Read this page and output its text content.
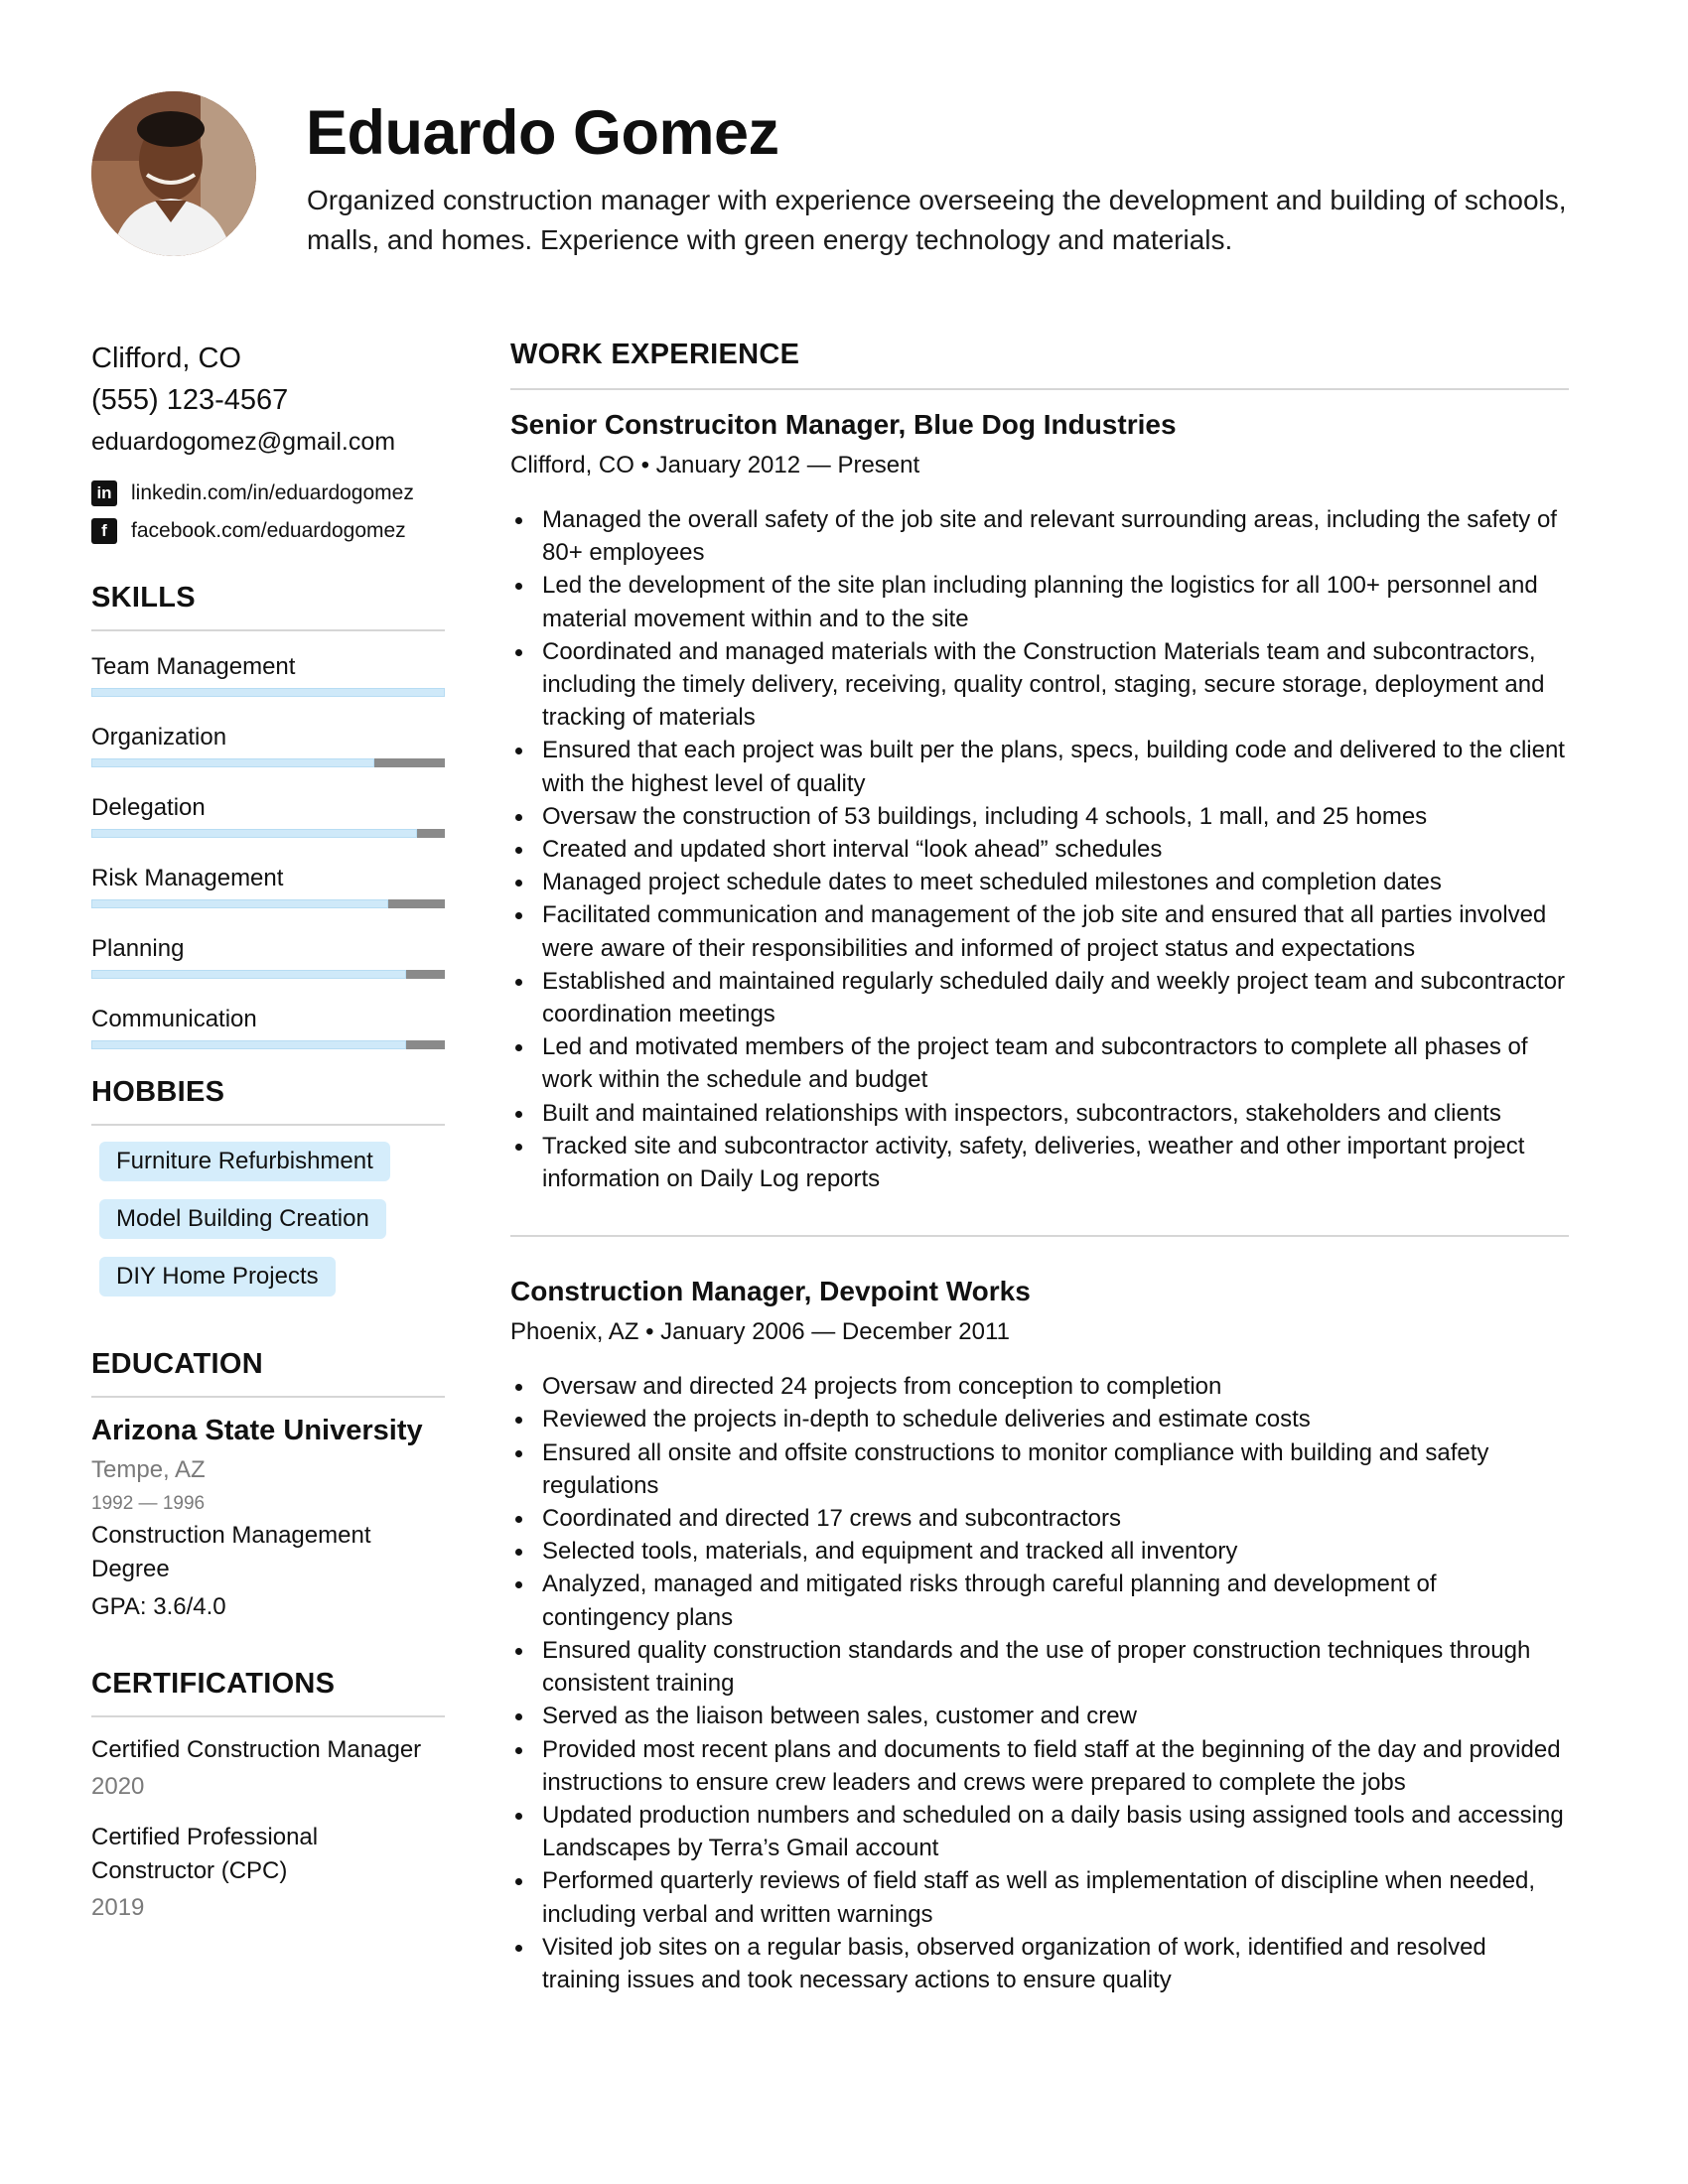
Eduardo Gomez
Organized construction manager with experience overseeing the development and building of schools, malls, and homes. Experience with green energy technology and materials.
Clifford, CO
(555) 123-4567
eduardogomez@gmail.com
in linkedin.com/in/eduardogomez
f	facebook.com/eduardogomez
SKILLS
Team Management
Organization
Delegation
Risk Management
Planning
Communication
HOBBIES
Furniture Refurbishment
Model Building Creation
DIY Home Projects
EDUCATION
Arizona State University
Tempe, AZ
1992 — 1996
Construction Management Degree
GPA: 3.6/4.0
CERTIFICATIONS
Certified Construction Manager
2020
Certified Professional Constructor (CPC)
2019
WORK EXPERIENCE
Senior Construciton Manager, Blue Dog Industries
Clifford, CO • January 2012 — Present
Managed the overall safety of the job site and relevant surrounding areas, including the safety of 80+ employees
Led the development of the site plan including planning the logistics for all 100+ personnel and material movement within and to the site
Coordinated and managed materials with the Construction Materials team and subcontractors, including the timely delivery, receiving, quality control, staging, secure storage, deployment and tracking of materials
Ensured that each project was built per the plans, specs, building code and delivered to the client with the highest level of quality
Oversaw the construction of 53 buildings, including 4 schools, 1 mall, and 25 homes
Created and updated short interval “look ahead” schedules
Managed project schedule dates to meet scheduled milestones and completion dates
Facilitated communication and management of the job site and ensured that all parties involved were aware of their responsibilities and informed of project status and expectations
Established and maintained regularly scheduled daily and weekly project team and subcontractor coordination meetings
Led and motivated members of the project team and subcontractors to complete all phases of work within the schedule and budget
Built and maintained relationships with inspectors, subcontractors, stakeholders and clients
Tracked site and subcontractor activity, safety, deliveries, weather and other important project information on Daily Log reports
Construction Manager, Devpoint Works
Phoenix, AZ • January 2006 — December 2011
Oversaw and directed 24 projects from conception to completion
Reviewed the projects in-depth to schedule deliveries and estimate costs
Ensured all onsite and offsite constructions to monitor compliance with building and safety regulations
Coordinated and directed 17 crews and subcontractors
Selected tools, materials, and equipment and tracked all inventory
Analyzed, managed and mitigated risks through careful planning and development of contingency plans
Ensured quality construction standards and the use of proper construction techniques through consistent training
Served as the liaison between sales, customer and crew
Provided most recent plans and documents to field staff at the beginning of the day and provided instructions to ensure crew leaders and crews were prepared to complete the jobs
Updated production numbers and scheduled on a daily basis using assigned tools and accessing Landscapes by Terra’s Gmail account
Performed quarterly reviews of field staff as well as implementation of discipline when needed, including verbal and written warnings
Visited job sites on a regular basis, observed organization of work, identified and resolved training issues and took necessary actions to ensure quality
